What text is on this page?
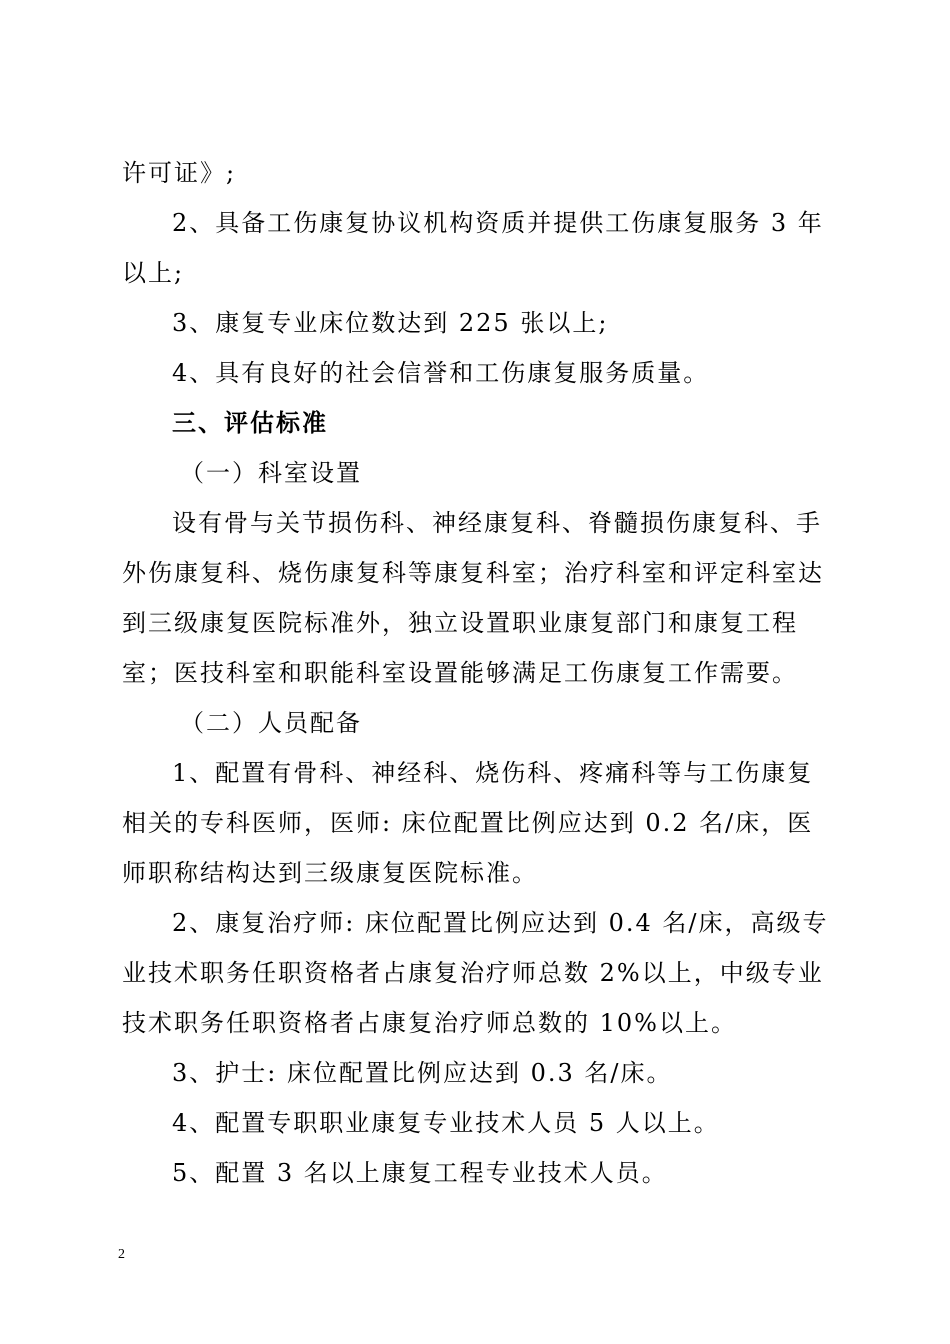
许可证》;

2、具备工伤康复协议机构资质并提供工伤康复服务 3 年以上;

3、康复专业床位数达到 225 张以上;

4、具有良好的社会信誉和工伤康复服务质量。

三、评估标准

（一）科室设置

设有骨与关节损伤科、神经康复科、脊髓损伤康复科、手外伤康复科、烧伤康复科等康复科室；治疗科室和评定科室达到三级康复医院标准外，独立设置职业康复部门和康复工程室；医技科室和职能科室设置能够满足工伤康复工作需要。

（二）人员配备

1、配置有骨科、神经科、烧伤科、疼痛科等与工伤康复相关的专科医师，医师: 床位配置比例应达到 0.2 名/床，医师职称结构达到三级康复医院标准。

2、康复治疗师: 床位配置比例应达到 0.4 名/床，高级专业技术职务任职资格者占康复治疗师总数 2%以上，中级专业技术职务任职资格者占康复治疗师总数的 10%以上。

3、护士: 床位配置比例应达到 0.3 名/床。

4、配置专职职业康复专业技术人员 5 人以上。

5、配置 3 名以上康复工程专业技术人员。

2
